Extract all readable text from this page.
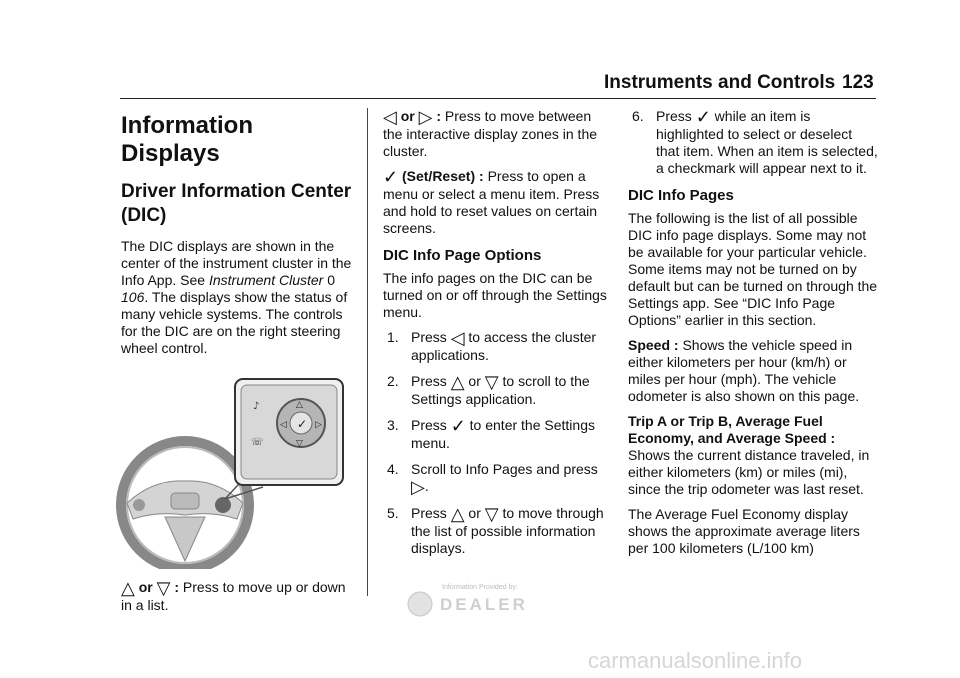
Instruments and Controls 123
Information Displays
Driver Information Center (DIC)

The DIC displays are shown in the center of the instrument cluster in the Info App. See Instrument Cluster 0 106. The displays show the status of many vehicle systems. The controls for the DIC are on the right steering wheel control.

✓
△
▽
◁	▷
♪
☏

△ or ▽ : Press to move up or down in a list.

◁ or ▷ : Press to move between the interactive display zones in the cluster.

✓ (Set/Reset) : Press to open a menu or select a menu item. Press and hold to reset values on certain screens.

DIC Info Page Options

The info pages on the DIC can be turned on or off through the Settings menu.

1. Press ◁ to access the cluster applications.
2. Press △ or ▽ to scroll to the Settings application.
3. Press ✓ to enter the Settings menu.
4. Scroll to Info Pages and press ▷.
5. Press △ or ▽ to move through the list of possible information displays.
6. Press ✓ while an item is highlighted to select or deselect that item. When an item is selected, a checkmark will appear next to it.
DIC Info Pages

The following is the list of all possible DIC info page displays. Some may not be available for your particular vehicle. Some items may not be turned on by default but can be turned on through the Settings app. See “DIC Info Page Options” earlier in this section.

Speed : Shows the vehicle speed in either kilometers per hour (km/h) or miles per hour (mph). The vehicle odometer is also shown on this page.

Trip A or Trip B, Average Fuel Economy, and Average Speed :
Shows the current distance traveled, in either kilometers (km) or miles (mi), since the trip odometer was last reset.

The Average Fuel Economy display shows the approximate average liters per 100 kilometers (L/100 km)

Information Provided by:
DEALER
carmanualsonline.info
